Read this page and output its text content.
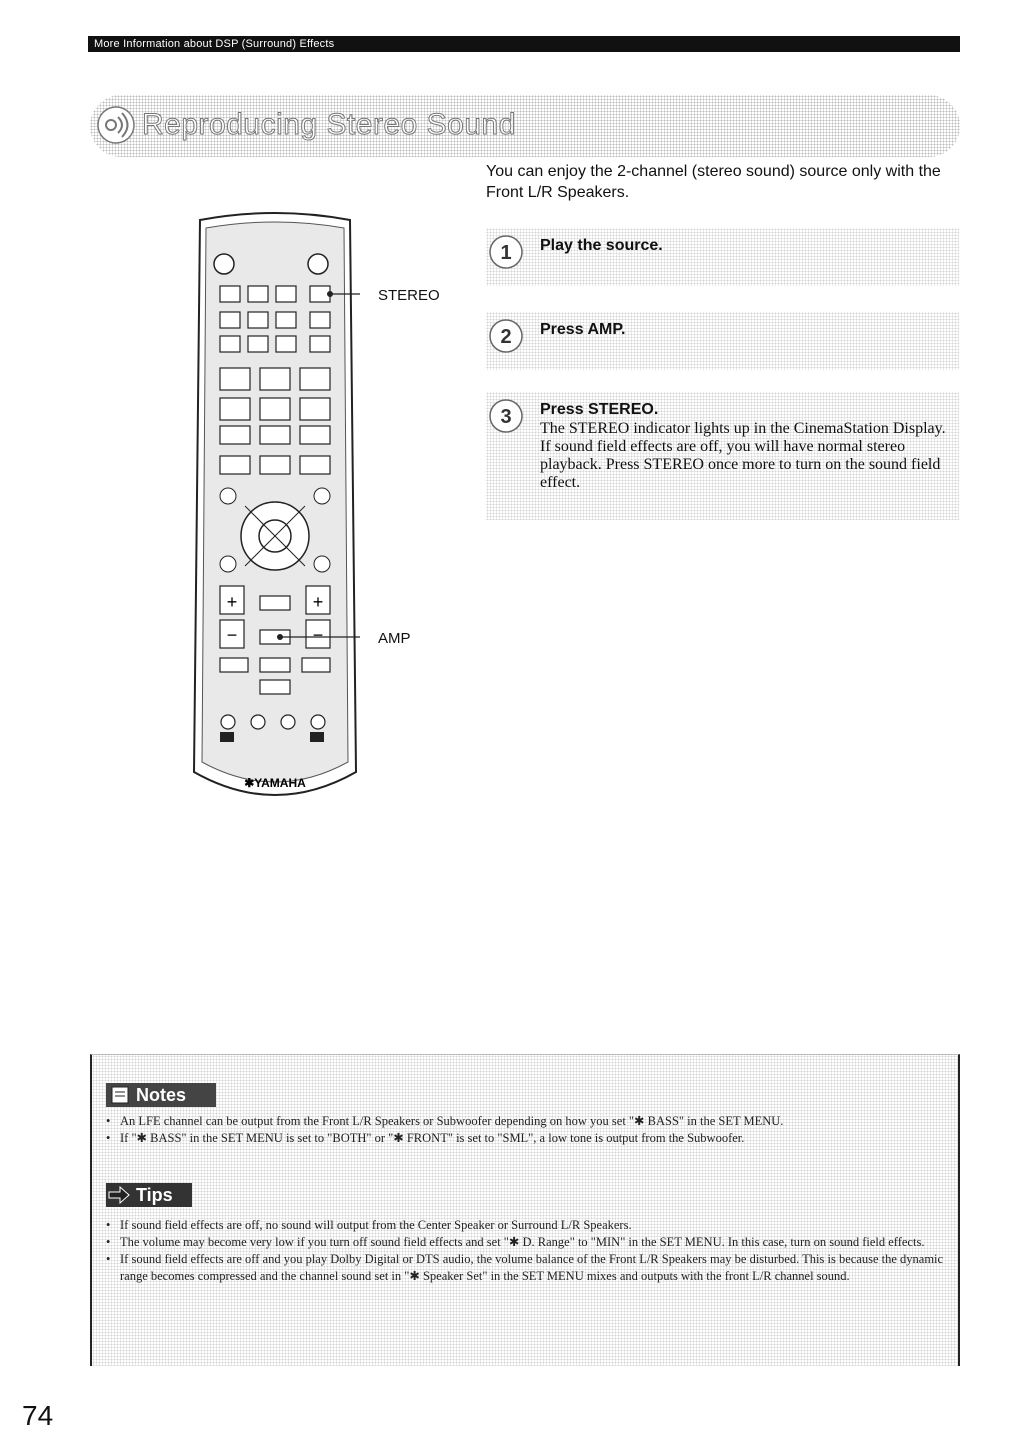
More Information about DSP (Surround) Effects
Reproducing Stereo Sound
You can enjoy the 2-channel (stereo sound) source only with the Front L/R Speakers.
+	+
−	−
✱YAMAHA
STEREO
AMP
1 Play the source.
2 Press AMP.
3 Press STEREO.

The STEREO indicator lights up in the CinemaStation Display.

If sound field effects are off, you will have normal stereo playback. Press STEREO once more to turn on the sound field effect.

Notes
• An LFE channel can be output from the Front L/R Speakers or Subwoofer depending on how you set "✱ BASS" in the SET MENU.
• If "✱ BASS" in the SET MENU is set to "BOTH" or "✱ FRONT" is set to "SML", a low tone is output from the Subwoofer.
Tips
• If sound field effects are off, no sound will output from the Center Speaker or Surround L/R Speakers.
• The volume may become very low if you turn off sound field effects and set "✱ D. Range" to "MIN" in the SET MENU. In this case, turn on sound field effects.
• If sound field effects are off and you play Dolby Digital or DTS audio, the volume balance of the Front L/R Speakers may be disturbed. This is because the dynamic range becomes compressed and the channel sound set in "✱ Speaker Set" in the SET MENU mixes and outputs with the front L/R channel sound.
74
